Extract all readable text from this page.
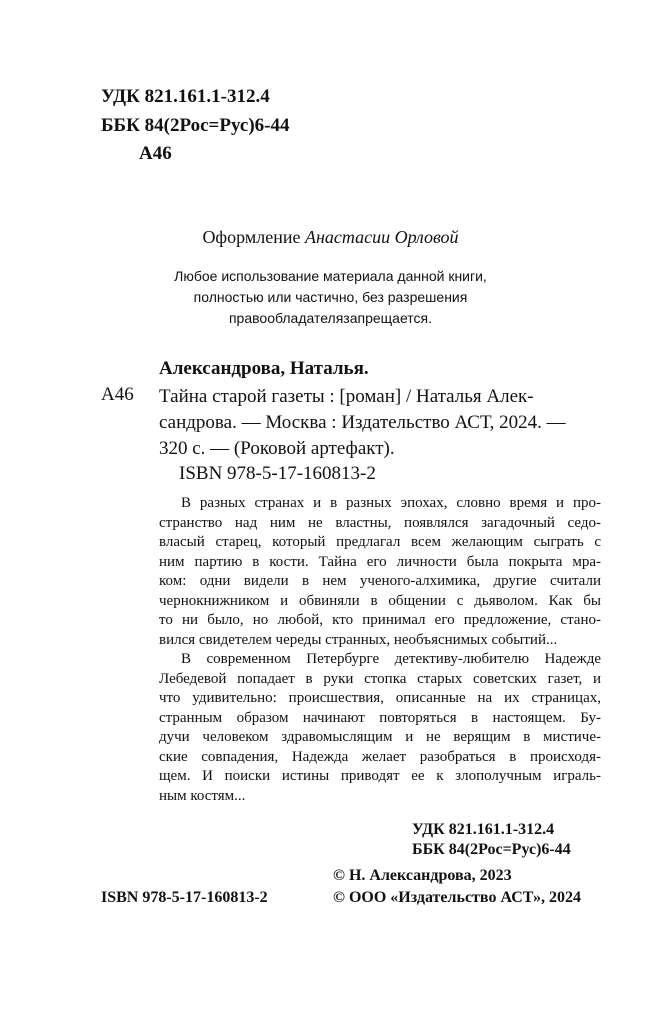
УДК 821.161.1-312.4
ББК 84(2Рос=Рус)6-44
А46
Оформление Анастасии Орловой
Любое использование материала данной книги,
полностью или частично, без разрешения
правообладателязапрещается.
Александрова, Наталья.
А46 Тайна старой газеты : [роман] / Наталья Алек-
сандрова. — Москва : Издательство АСТ, 2024. —
320 с. — (Роковой артефакт).
ISBN 978-5-17-160813-2
В разных странах и в разных эпохах, словно время и про-
странство над ним не властны, появлялся загадочный седо-
власый старец, который предлагал всем желающим сыграть с
ним партию в кости. Тайна его личности была покрыта мра-
ком: одни видели в нем ученого-алхимика, другие считали
чернокнижником и обвиняли в общении с дьяволом. Как бы
то ни было, но любой, кто принимал его предложение, стано-
вился свидетелем череды странных, необъяснимых событий...
В современном Петербурге детективу-любителю Надежде
Лебедевой попадает в руки стопка старых советских газет, и
что удивительно: происшествия, описанные на их страницах,
странным образом начинают повторяться в настоящем. Бу-
дучи человеком здравомыслящим и не верящим в мистиче-
ские совпадения, Надежда желает разобраться в происходя-
щем. И поиски истины приводят ее к злополучным играль-
ным костям...
УДК 821.161.1-312.4
ББК 84(2Рос=Рус)6-44
© Н. Александрова, 2023
© ООО «Издательство АСТ», 2024
ISBN 978-5-17-160813-2
